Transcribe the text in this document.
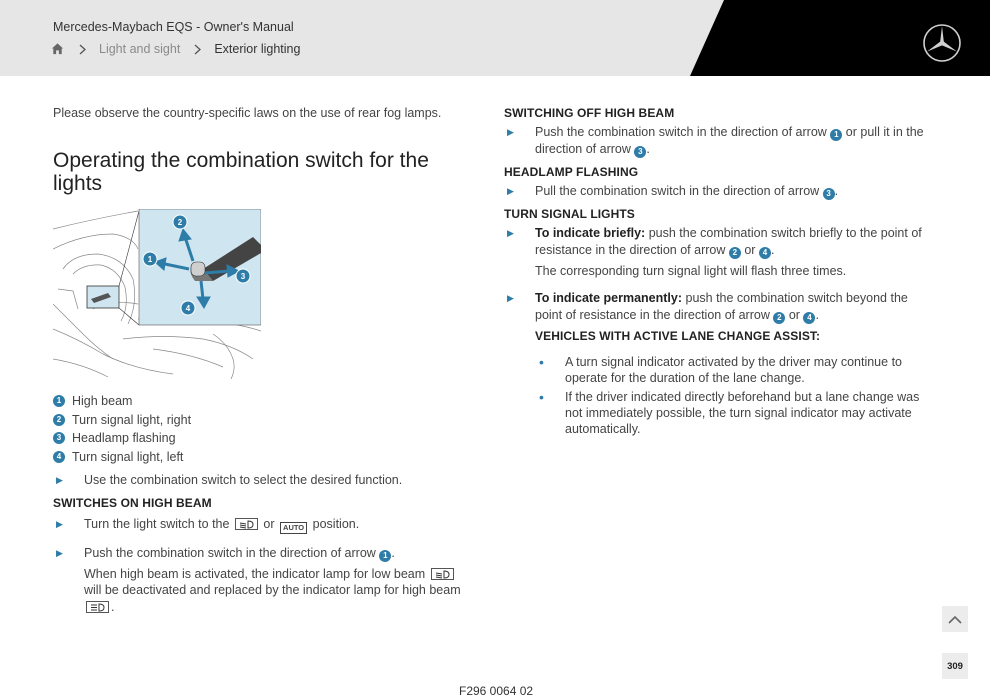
Mercedes-Maybach EQS - Owner's Manual
Light and sight	Exterior lighting

Please observe the country-specific laws on the use of rear fog lamps.

Operating the combination switch for the lights
2
1
3
4
1 High beam
2 Turn signal light, right
3 Headlamp flashing
4 Turn signal light, left
▶	Use the combination switch to select the desired function.
SWITCHES ON HIGH BEAM
▶	Turn the light switch to the	or AUTO position.
▶	Push the combination switch in the direction of arrow 1 .
When high beam is activated, the indicator lamp for low beam
will be deactivated and replaced by the indicator lamp for high beam
.
SWITCHING OFF HIGH BEAM
▶	Push the combination switch in the direction of arrow 1 or pull it in the direction of arrow 3 .
HEADLAMP FLASHING
▶	Pull the combination switch in the direction of arrow 3 .
TURN SIGNAL LIGHTS
▶	To indicate briefly: push the combination switch briefly to the point of resistance in the direction of arrow 2 or 4 .
The corresponding turn signal light will flash three times.
▶	To indicate permanently: push the combination switch beyond the point of resistance in the direction of arrow 2 or 4 .
VEHICLES WITH ACTIVE LANE CHANGE ASSIST:
• A turn signal indicator activated by the driver may continue to operate for the duration of the lane change.
• If the driver indicated directly beforehand but a lane change was not immediately possible, the turn signal indicator may activate automatically.
F296 0064 02
309
